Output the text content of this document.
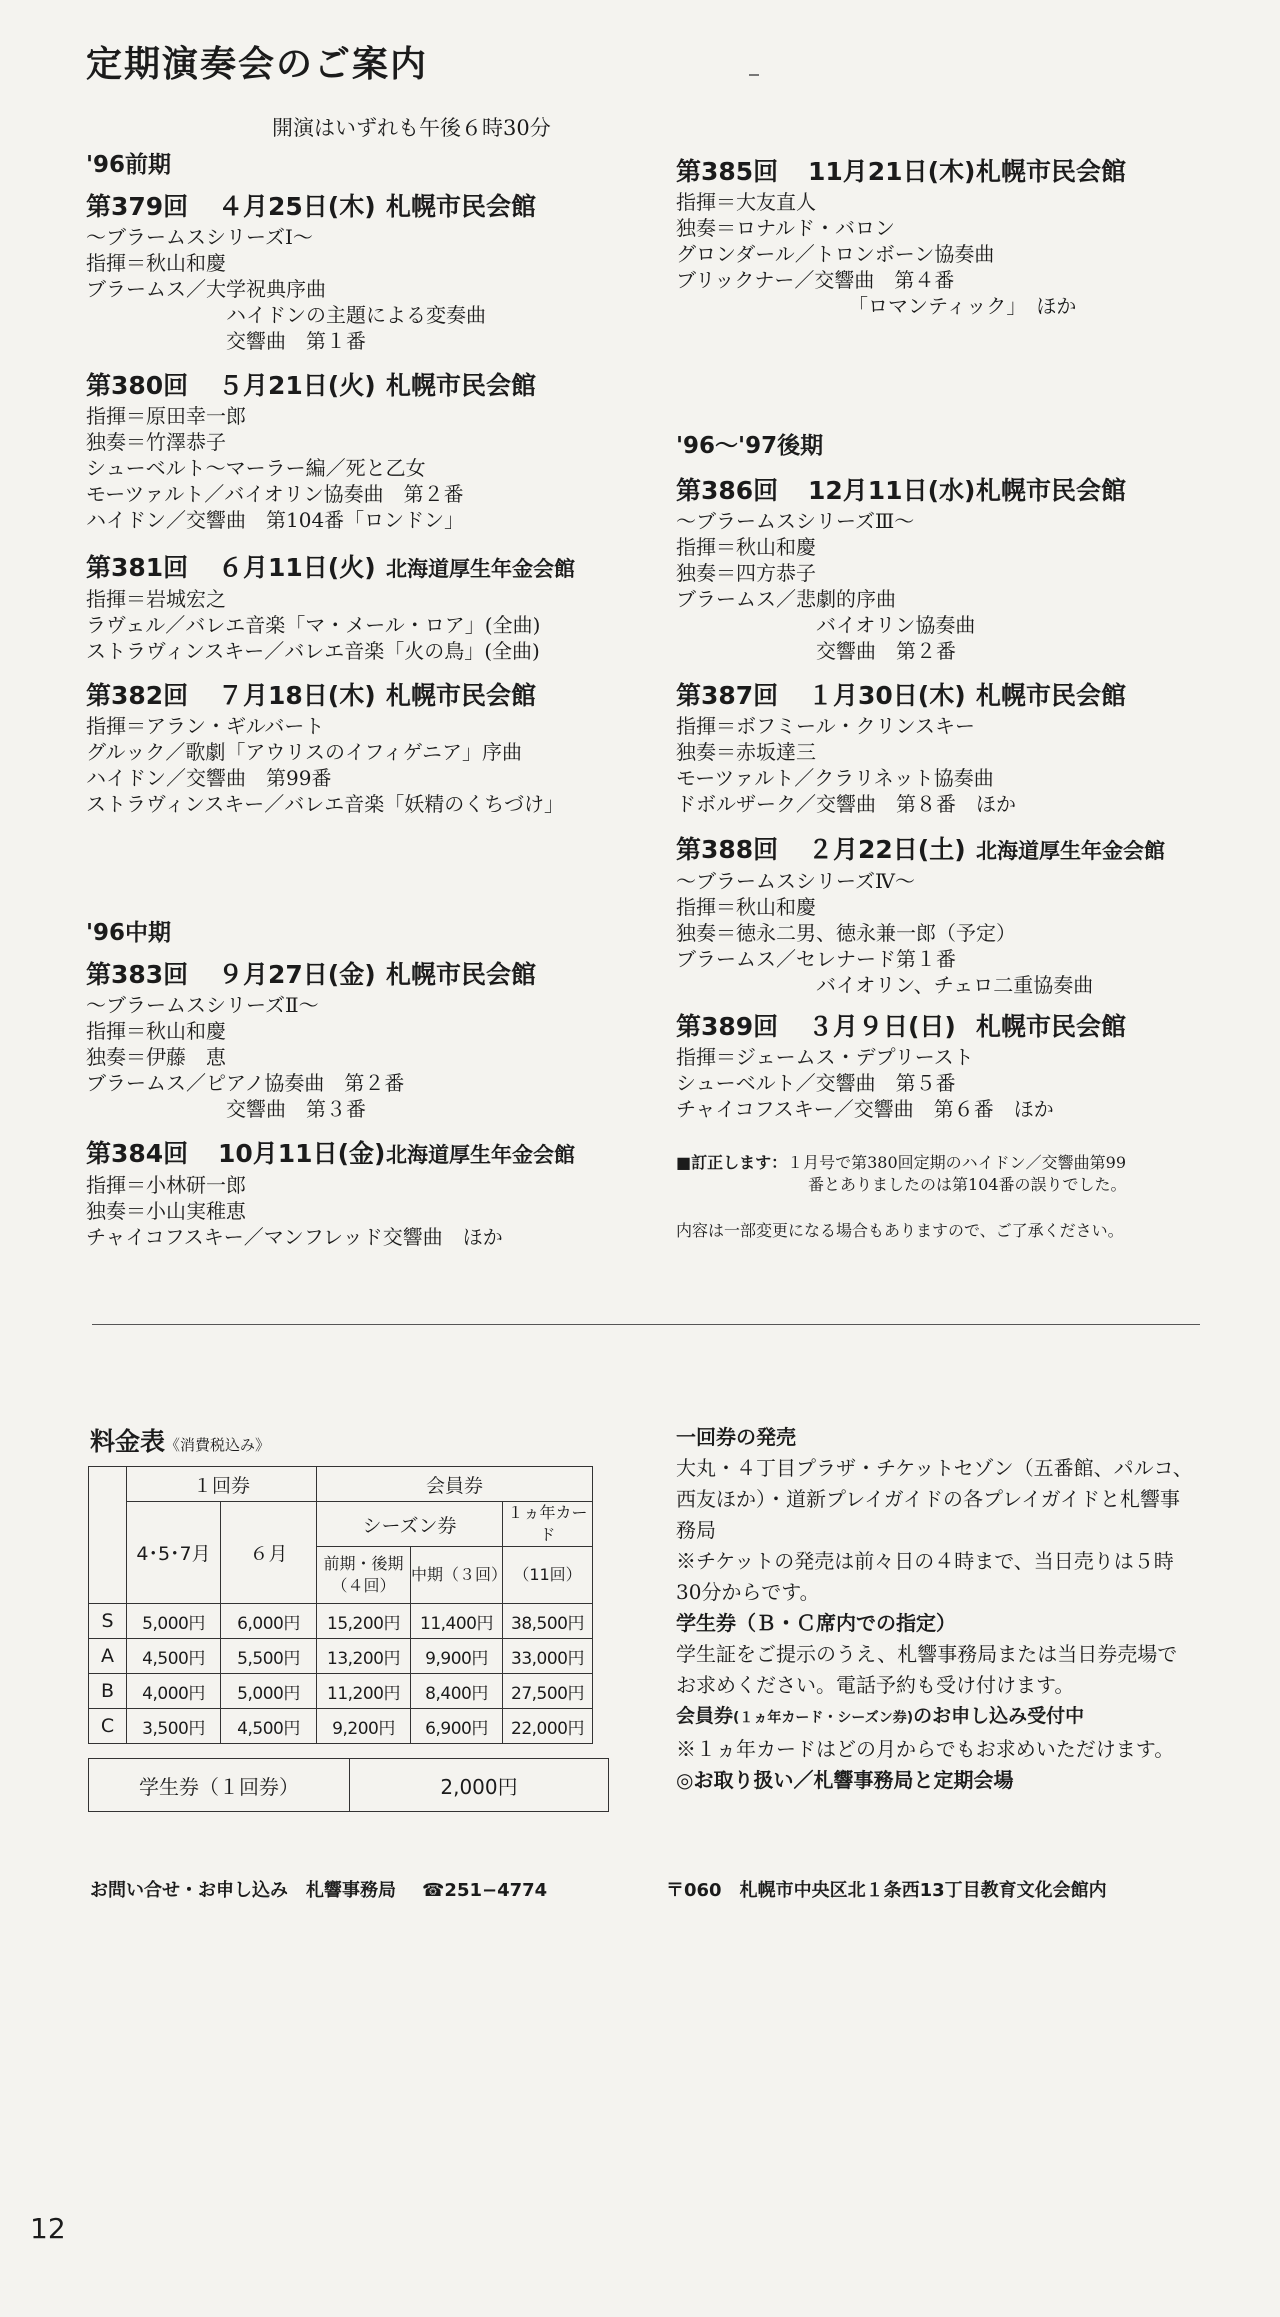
定期演奏会のご案内
開演はいずれも午後６時30分
'96前期
第379回 ４月25日(木) 札幌市民会館
〜ブラームスシリーズⅠ〜
指揮＝秋山和慶
ブラームス／大学祝典序曲
ハイドンの主題による変奏曲
交響曲　第１番
第380回 ５月21日(火) 札幌市民会館
指揮＝原田幸一郎
独奏＝竹澤恭子
シューベルト〜マーラー編／死と乙女
モーツァルト／バイオリン協奏曲　第２番
ハイドン／交響曲　第104番「ロンドン」
第381回 ６月11日(火) 北海道厚生年金会館
指揮＝岩城宏之
ラヴェル／バレエ音楽「マ・メール・ロア」(全曲)
ストラヴィンスキー／バレエ音楽「火の鳥」(全曲)
第382回 ７月18日(木) 札幌市民会館
指揮＝アラン・ギルバート
グルック／歌劇「アウリスのイフィゲニア」序曲
ハイドン／交響曲　第99番
ストラヴィンスキー／バレエ音楽「妖精のくちづけ」
'96中期
第383回 ９月27日(金) 札幌市民会館
〜ブラームスシリーズⅡ〜
指揮＝秋山和慶
独奏＝伊藤　恵
ブラームス／ピアノ協奏曲　第２番
交響曲　第３番
第384回 10月11日(金)北海道厚生年金会館
指揮＝小林研一郎
独奏＝小山実稚恵
チャイコフスキー／マンフレッド交響曲　ほか
第385回 11月21日(木)札幌市民会館
指揮＝大友直人
独奏＝ロナルド・バロン
グロンダール／トロンボーン協奏曲
ブリックナー／交響曲　第４番
「ロマンティック」　ほか
'96〜'97後期
第386回 12月11日(水)札幌市民会館
〜ブラームスシリーズⅢ〜
指揮＝秋山和慶
独奏＝四方恭子
ブラームス／悲劇的序曲
バイオリン協奏曲
交響曲　第２番
第387回 １月30日(木) 札幌市民会館
指揮＝ボフミール・クリンスキー
独奏＝赤坂達三
モーツァルト／クラリネット協奏曲
ドボルザーク／交響曲　第８番　ほか
第388回 ２月22日(土) 北海道厚生年金会館
〜ブラームスシリーズⅣ〜
指揮＝秋山和慶
独奏＝徳永二男、徳永兼一郎（予定）
ブラームス／セレナード第１番
バイオリン、チェロ二重協奏曲
第389回 ３月９日(日) 札幌市民会館
指揮＝ジェームス・デプリースト
シューベルト／交響曲　第５番
チャイコフスキー／交響曲　第６番　ほか
■訂正します：１月号で第380回定期のハイドン／交響曲第99
番とありましたのは第104番の誤りでした。
内容は一部変更になる場合もありますので、ご了承ください。
料金表《消費税込み》
	１回券		会員券		
	4･5･7月	６月	シーズン券		１ヵ年カード
			前期・後期（４回）	中期（３回）	（11回）
S	5,000円	6,000円	15,200円	11,400円	38,500円
A	4,500円	5,500円	13,200円	9,900円	33,000円
B	4,000円	5,000円	11,200円	8,400円	27,500円
C	3,500円	4,500円	9,200円	6,900円	22,000円
学生券（１回券）	2,000円
一回券の発売
大丸・４丁目プラザ・チケットセゾン（五番館、パルコ、西友ほか）・道新プレイガイドの各プレイガイドと札響事務局
※チケットの発売は前々日の４時まで、当日売りは５時30分からです。
学生券（Ｂ・Ｃ席内での指定）
学生証をご提示のうえ、札響事務局または当日券売場でお求めください。電話予約も受け付けます。
会員券(１ヵ年カード・シーズン券)のお申し込み受付中
※１ヵ年カードはどの月からでもお求めいただけます。
◎お取り扱い／札響事務局と定期会場
お問い合せ・お申し込み　札響事務局 ☎251−4774	〒060　札幌市中央区北１条西13丁目教育文化会館内
12
